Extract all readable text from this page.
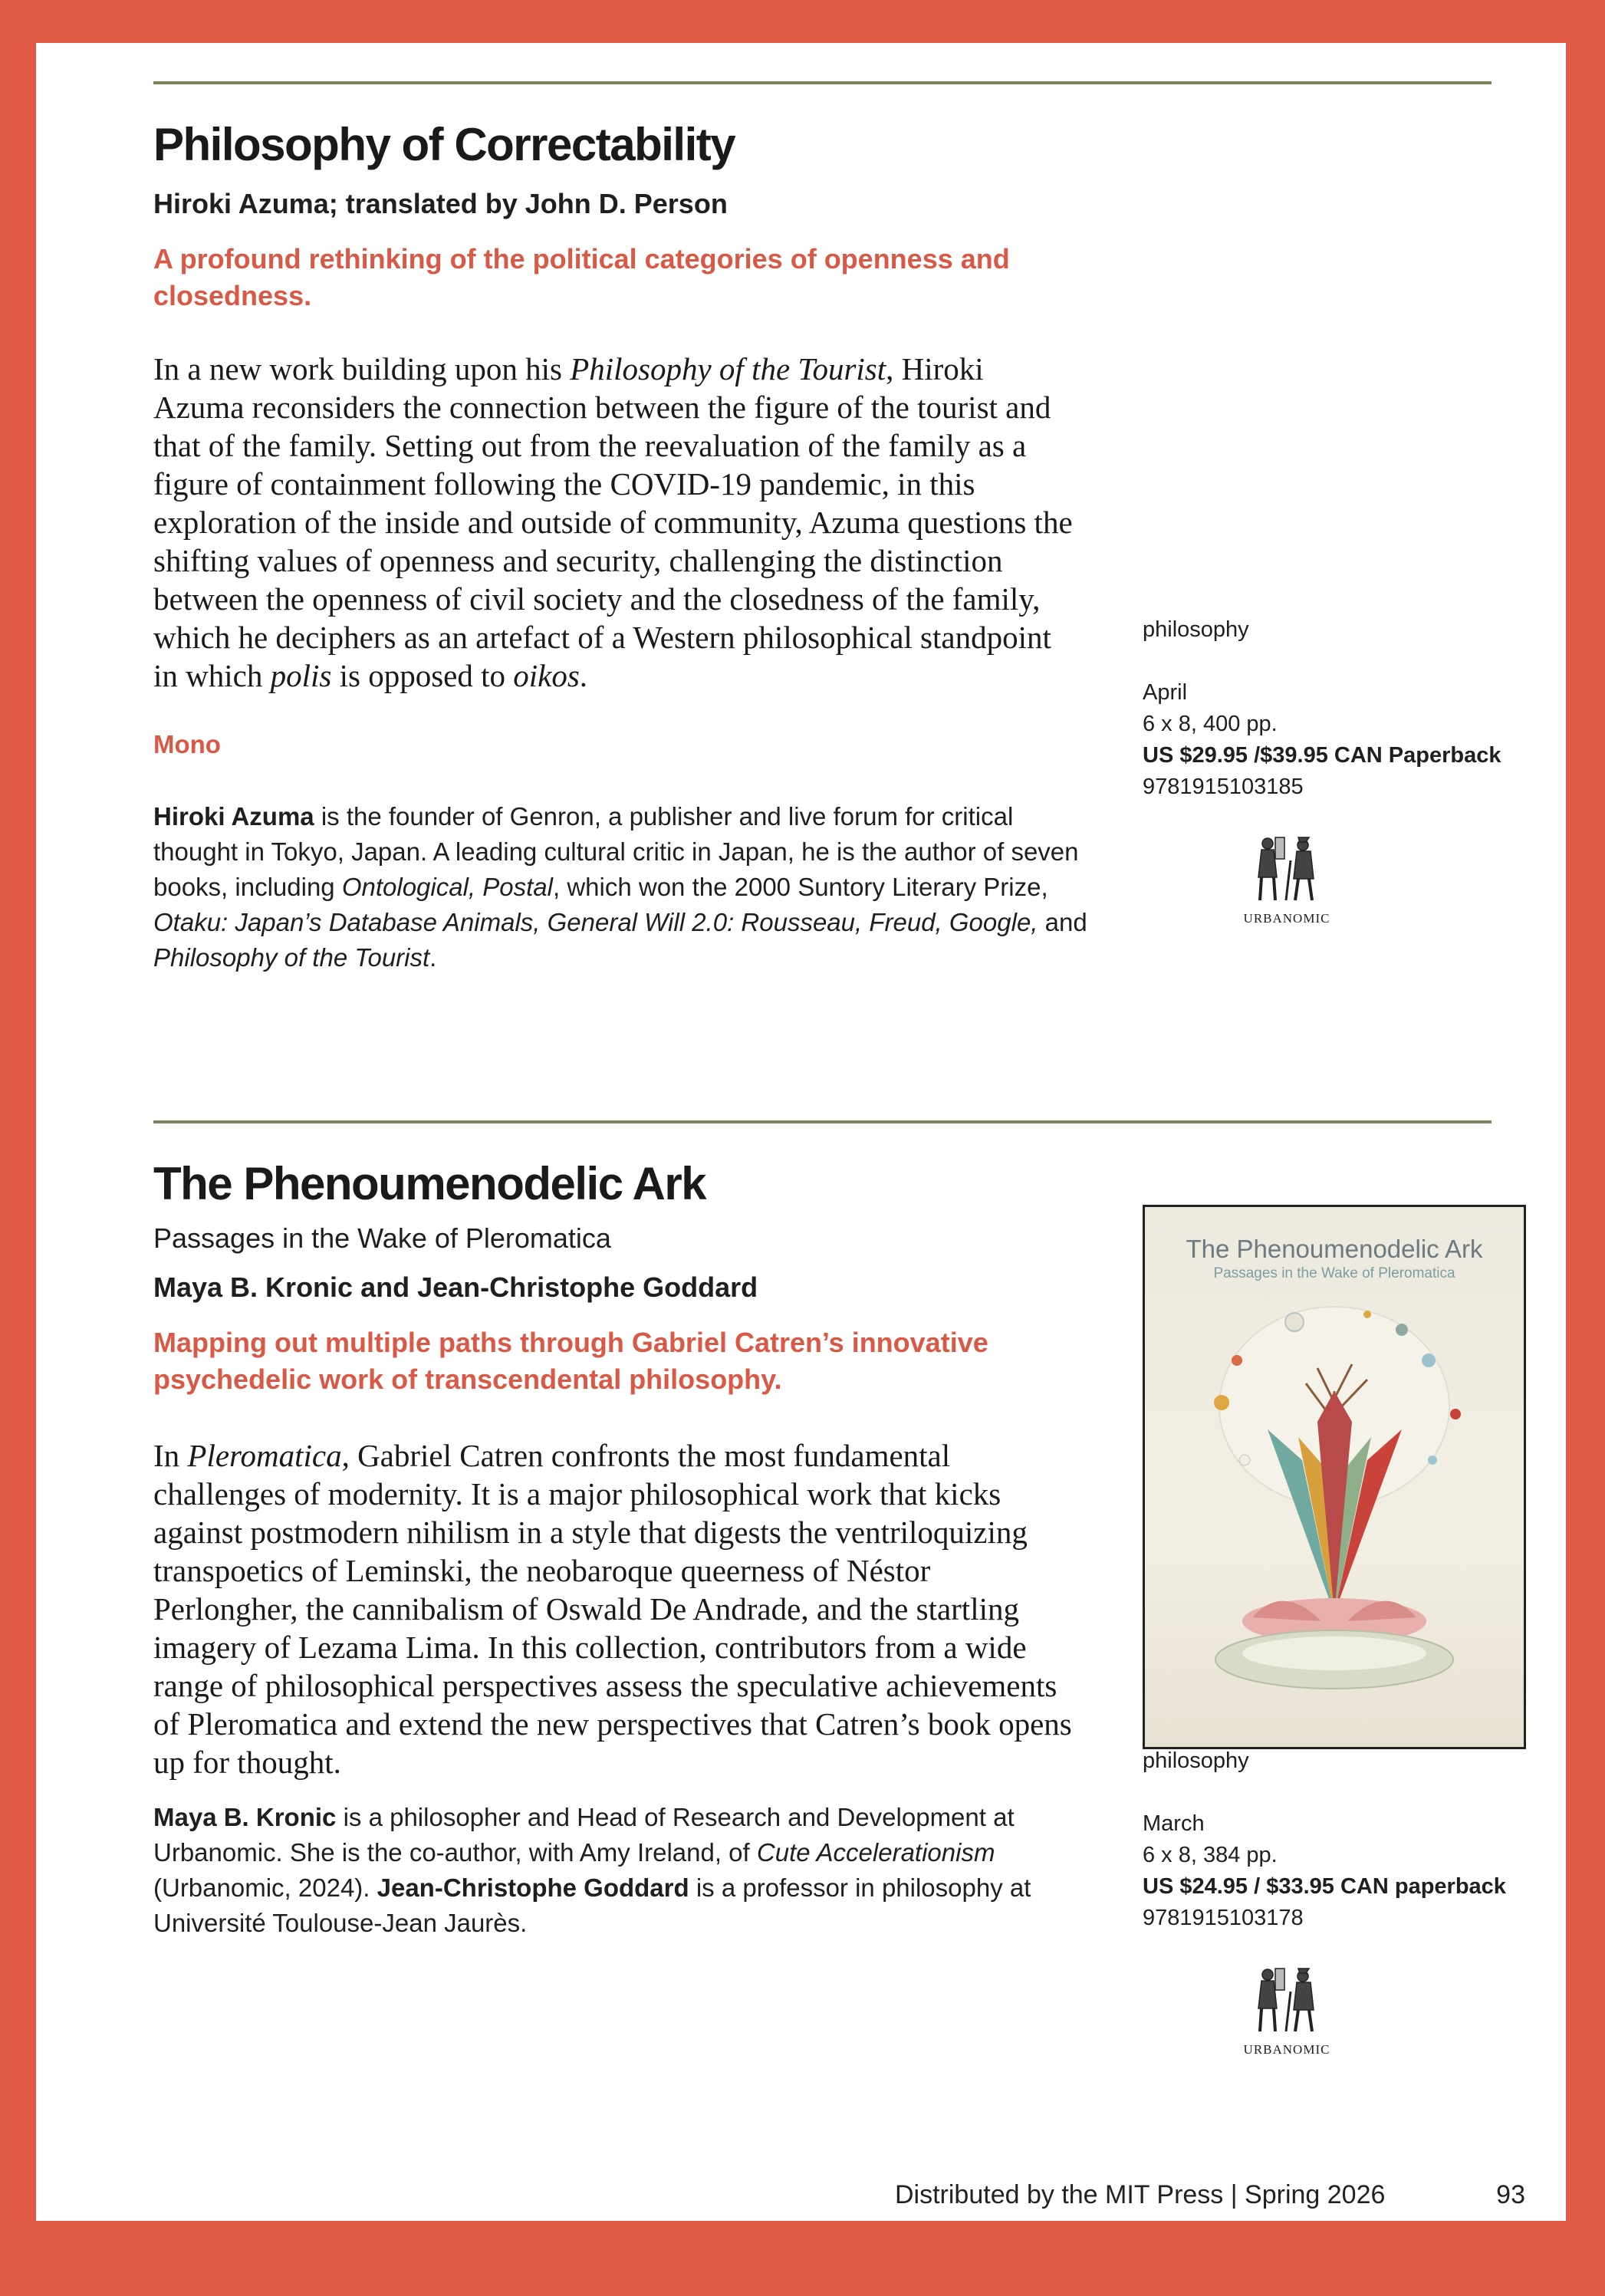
Philosophy of Correctability
Hiroki Azuma; translated by John D. Person
A profound rethinking of the political categories of openness and closedness.
In a new work building upon his Philosophy of the Tourist, Hiroki Azuma reconsiders the connection between the figure of the tourist and that of the family. Setting out from the reevaluation of the family as a figure of containment following the COVID-19 pandemic, in this exploration of the inside and outside of community, Azuma questions the shifting values of openness and security, challenging the distinction between the openness of civil society and the closedness of the family, which he deciphers as an artefact of a Western philosophical standpoint in which polis is opposed to oikos.
Mono
Hiroki Azuma is the founder of Genron, a publisher and live forum for critical thought in Tokyo, Japan. A leading cultural critic in Japan, he is the author of seven books, including Ontological, Postal, which won the 2000 Suntory Literary Prize, Otaku: Japan’s Database Animals, General Will 2.0: Rousseau, Freud, Google, and Philosophy of the Tourist.
philosophy
April
6 x 8, 400 pp.
US $29.95 /$39.95 CAN Paperback
9781915103185
URBANOMIC
The Phenoumenodelic Ark
Passages in the Wake of Pleromatica
Maya B. Kronic and Jean-Christophe Goddard
Mapping out multiple paths through Gabriel Catren’s innovative psychedelic work of transcendental philosophy.
In Pleromatica, Gabriel Catren confronts the most fundamental challenges of modernity. It is a major philosophical work that kicks against postmodern nihilism in a style that digests the ventriloquizing transpoetics of Leminski, the neobaroque queerness of Néstor Perlongher, the cannibalism of Oswald De Andrade, and the startling imagery of Lezama Lima. In this collection, contributors from a wide range of philosophical perspectives assess the speculative achievements of Pleromatica and extend the new perspectives that Catren’s book opens up for thought.
Maya B. Kronic is a philosopher and Head of Research and Development at Urbanomic. She is the co-author, with Amy Ireland, of Cute Accelerationism (Urbanomic, 2024). Jean-Christophe Goddard is a professor in philosophy at Université Toulouse-Jean Jaurès.
The Phenoumenodelic Ark
Passages in the Wake of Pleromatica
philosophy
March
6 x 8, 384 pp.
US $24.95 / $33.95 CAN paperback
9781915103178
URBANOMIC
Distributed by the MIT Press | Spring 2026	93
